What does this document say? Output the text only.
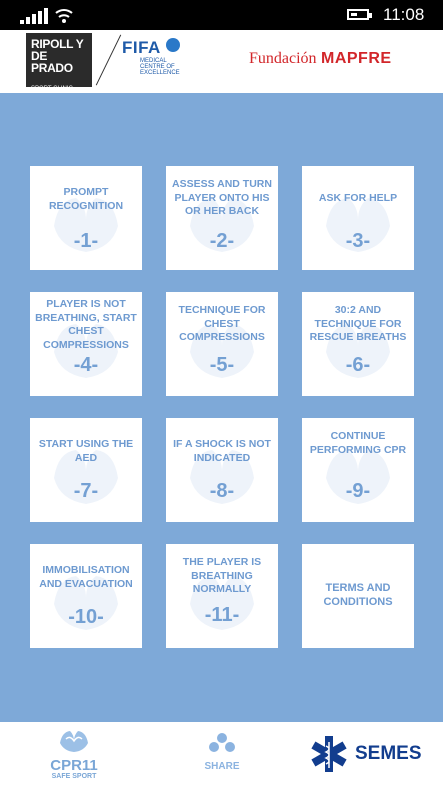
11:08
RIPOLL Y
DE PRADO
SPORT CLINIC
FIFA
MEDICAL
CENTRE OF
EXCELLENCE
Fundación MAPFRE
PROMPT RECOGNITION
-1-
ASSESS AND TURN PLAYER ONTO HIS OR HER BACK
-2-
ASK FOR HELP
-3-
PLAYER IS NOT BREATHING, START CHEST COMPRESSIONS
-4-
TECHNIQUE FOR CHEST COMPRESSIONS
-5-
30:2 AND TECHNIQUE FOR RESCUE BREATHS
-6-
START USING THE AED
-7-
IF A SHOCK IS NOT INDICATED
-8-
CONTINUE PERFORMING CPR
-9-
IMMOBILISATION AND EVACUATION
-10-
THE PLAYER IS BREATHING NORMALLY
-11-
TERMS AND CONDITIONS
CPR11
SAFE SPORT
SHARE
SEMES
